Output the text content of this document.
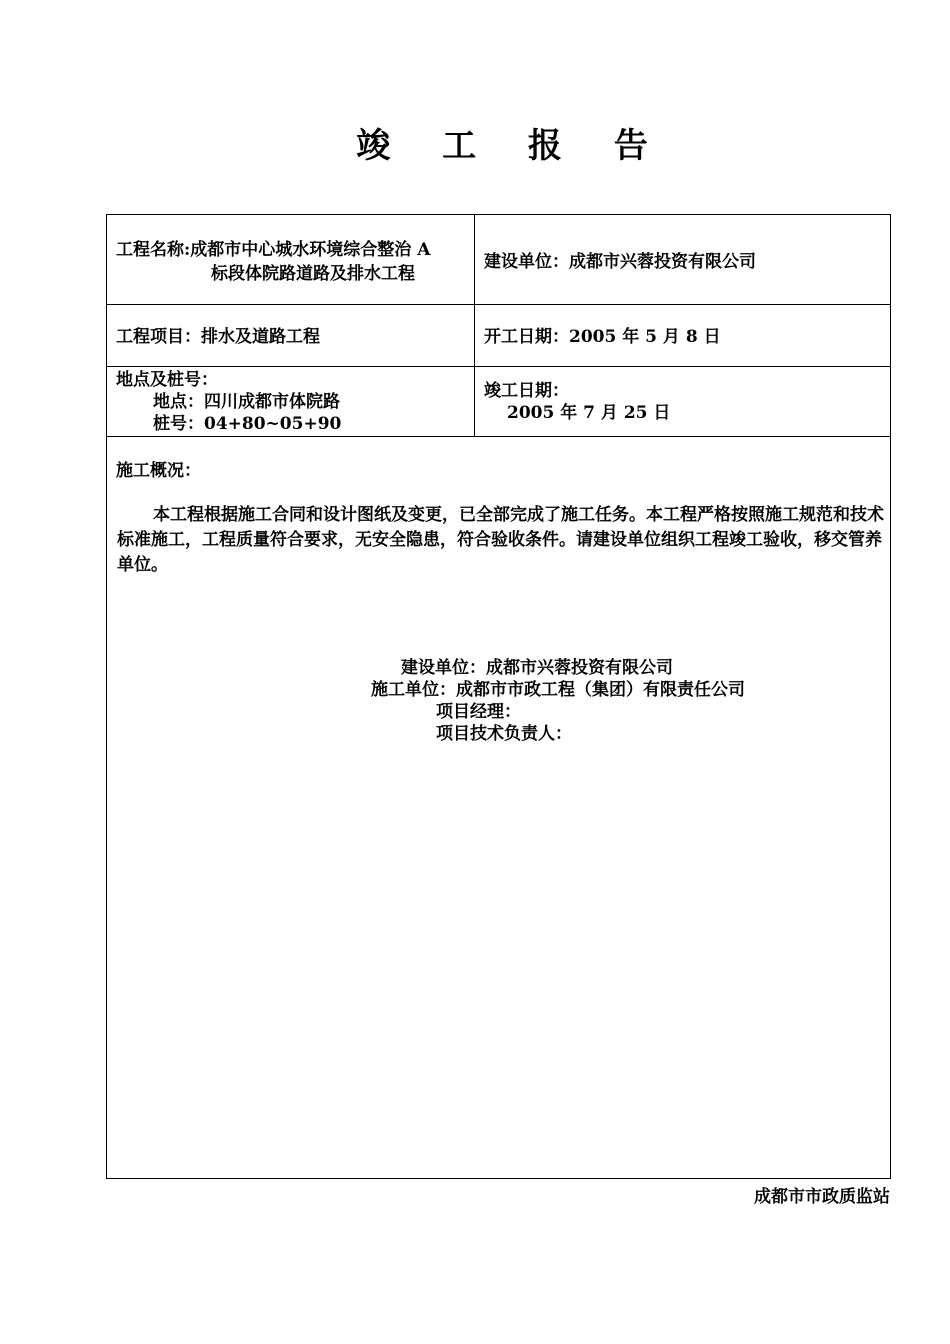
竣 工 报 告
工程名称:成都市中心城水环境综合整治 A
标段体院路道路及排水工程
建设单位：成都市兴蓉投资有限公司
工程项目：排水及道路工程	开工日期：2005 年 5 月 8 日
地点及桩号：
地点：四川成都市体院路
桩号：04+80~05+90
竣工日期：
2005 年 7 月 25 日
施工概况：
本工程根据施工合同和设计图纸及变更，已全部完成了施工任务。本工程严格按照施工规范和技术标准施工，工程质量符合要求，无安全隐患，符合验收条件。请建设单位组织工程竣工验收，移交管养单位。
建设单位：成都市兴蓉投资有限公司
施工单位：成都市市政工程（集团）有限责任公司
项目经理：
项目技术负责人：
成都市市政质监站
